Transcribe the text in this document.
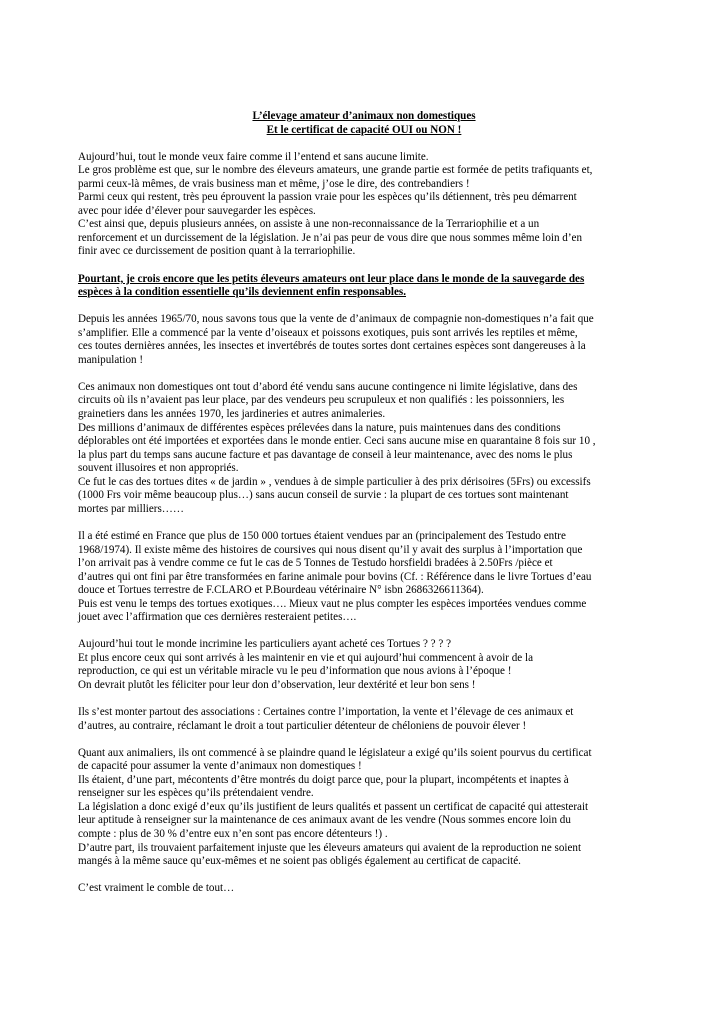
L’élevage amateur d’animaux non domestiques

Et le certificat de capacité OUI ou NON !

Aujourd’hui, tout le monde veux faire comme il l’entend et sans aucune limite.
Le gros problème est que, sur le nombre des éleveurs amateurs, une grande partie est formée de petits trafiquants et,
parmi ceux-là mêmes, de vrais business man et même, j’ose le dire, des contrebandiers !
Parmi ceux qui restent, très peu éprouvent la passion vraie pour les espèces qu’ils détiennent, très peu démarrent
avec pour idée d’élever pour sauvegarder les espèces.
C’est ainsi que, depuis plusieurs années, on assiste à une non-reconnaissance de la Terrariophilie et a un
renforcement et un durcissement de la législation. Je n’ai pas peur de vous dire que nous sommes même loin d’en
finir avec ce durcissement de position quant à la terrariophilie.
Pourtant, je crois encore que les petits éleveurs amateurs ont leur place dans le monde de la sauvegarde des
espèces à la condition essentielle qu’ils deviennent enfin responsables.
Depuis les années 1965/70, nous savons tous que la vente de d’animaux de compagnie non-domestiques n’a fait que
s’amplifier. Elle a commencé par la vente d’oiseaux et poissons exotiques, puis sont arrivés les reptiles et même,
ces toutes dernières années, les insectes et invertébrés de toutes sortes dont certaines espèces sont dangereuses à la
manipulation !
Ces animaux non domestiques ont tout d’abord été vendu sans aucune contingence ni limite législative, dans des
circuits où ils n’avaient pas leur place, par des vendeurs peu scrupuleux et non qualifiés : les poissonniers, les
grainetiers dans les années 1970, les jardineries et autres animaleries.
Des millions d’animaux de différentes espèces prélevées dans la nature, puis maintenues dans des conditions
déplorables ont été importées et exportées dans le monde entier. Ceci sans aucune mise en quarantaine 8 fois sur 10 ,
la plus part du temps sans aucune facture et pas davantage de conseil à leur maintenance, avec des noms le plus
souvent illusoires et non appropriés.
Ce fut le cas des tortues dites « de jardin » , vendues à de simple particulier à des prix dérisoires (5Frs) ou excessifs
(1000 Frs voir même beaucoup plus…) sans aucun conseil de survie : la plupart de ces tortues sont maintenant
mortes par milliers……
Il a été estimé en France que plus de 150 000 tortues étaient vendues par an (principalement des Testudo entre
1968/1974). Il existe même des histoires de coursives qui nous disent qu’il y avait des surplus à l’importation que
l’on arrivait pas à vendre comme ce fut le cas de 5 Tonnes de Testudo horsfieldi bradées à 2.50Frs /pièce et
d’autres qui ont fini par être transformées en farine animale pour bovins (Cf. : Référence dans le livre Tortues d’eau
douce et Tortues terrestre de F.CLARO et P.Bourdeau vétérinaire N° isbn 2686326611364).
Puis est venu le temps des tortues exotiques…. Mieux vaut ne plus compter les espèces importées vendues comme
jouet avec l’affirmation que ces dernières resteraient petites….
Aujourd’hui tout le monde incrimine les particuliers ayant acheté ces Tortues ? ? ? ?
Et plus encore ceux qui sont arrivés à les maintenir en vie et qui aujourd’hui commencent à avoir de la
reproduction, ce qui est un véritable miracle vu le peu d’information que nous avions à l’époque !
On devrait plutôt les féliciter pour leur don d’observation, leur dextérité et leur bon sens !
Ils s’est monter partout des associations : Certaines contre l’importation, la vente et l’élevage de ces animaux et
d’autres, au contraire, réclamant le droit a tout particulier détenteur de chéloniens de pouvoir élever !
Quant aux animaliers, ils ont commencé à se plaindre quand le législateur a exigé qu’ils soient pourvus du certificat
de capacité pour assumer la vente d’animaux non domestiques !
Ils étaient, d’une part, mécontents d’être montrés du doigt parce que, pour la plupart, incompétents et inaptes à
renseigner sur les espèces qu’ils prétendaient vendre.
La législation a donc exigé d’eux qu’ils justifient de leurs qualités et passent un certificat de capacité qui attesterait
leur aptitude à renseigner sur la maintenance de ces animaux avant de les vendre (Nous sommes encore loin du
compte : plus de 30 % d’entre eux n’en sont pas encore détenteurs !) .
D’autre part, ils trouvaient parfaitement injuste que les éleveurs amateurs qui avaient de la reproduction ne soient
mangés à la même sauce qu’eux-mêmes et ne soient pas obligés également au certificat de capacité.
C’est vraiment le comble de tout…
